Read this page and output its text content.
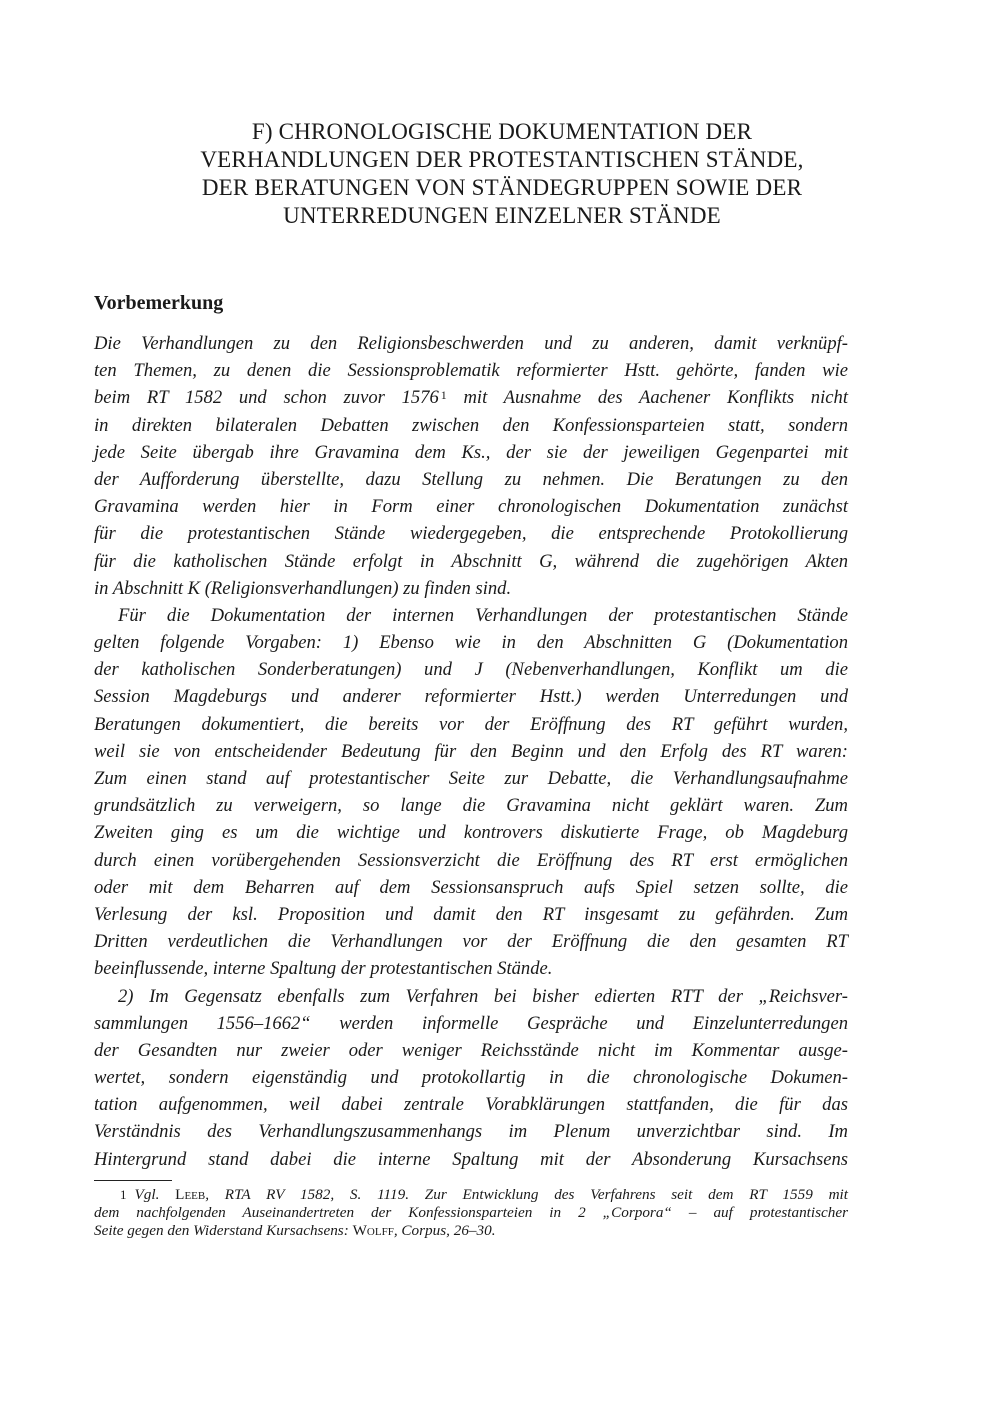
F) CHRONOLOGISCHE DOKUMENTATION DER
VERHANDLUNGEN DER PROTESTANTISCHEN STÄNDE,
DER BERATUNGEN VON STÄNDEGRUPPEN SOWIE DER
UNTERREDUNGEN EINZELNER STÄNDE
Vorbemerkung
Die Verhandlungen zu den Religionsbeschwerden und zu anderen, damit verknüpf-
ten Themen, zu denen die Sessionsproblematik reformierter Hstt. gehörte, fanden wie
beim RT 1582 und schon zuvor 1576 $^1$ mit Ausnahme des Aachener Konflikts nicht
in direkten bilateralen Debatten zwischen den Konfessionsparteien statt, sondern
jede Seite übergab ihre Gravamina dem Ks., der sie der jeweiligen Gegenpartei mit
der Aufforderung überstellte, dazu Stellung zu nehmen. Die Beratungen zu den
Gravamina werden hier in Form einer chronologischen Dokumentation zunächst
für die protestantischen Stände wiedergegeben, die entsprechende Protokollierung
für die katholischen Stände erfolgt in Abschnitt G, während die zugehörigen Akten
in Abschnitt K (Religionsverhandlungen) zu finden sind.
Für die Dokumentation der internen Verhandlungen der protestantischen Stände
gelten folgende Vorgaben: 1) Ebenso wie in den Abschnitten G (Dokumentation
der katholischen Sonderberatungen) und J (Nebenverhandlungen, Konflikt um die
Session Magdeburgs und anderer reformierter Hstt.) werden Unterredungen und
Beratungen dokumentiert, die bereits vor der Eröffnung des RT geführt wurden,
weil sie von entscheidender Bedeutung für den Beginn und den Erfolg des RT waren:
Zum einen stand auf protestantischer Seite zur Debatte, die Verhandlungsaufnahme
grundsätzlich zu verweigern, so lange die Gravamina nicht geklärt waren. Zum
Zweiten ging es um die wichtige und kontrovers diskutierte Frage, ob Magdeburg
durch einen vorübergehenden Sessionsverzicht die Eröffnung des RT erst ermöglichen
oder mit dem Beharren auf dem Sessionsanspruch aufs Spiel setzen sollte, die
Verlesung der ksl. Proposition und damit den RT insgesamt zu gefährden. Zum
Dritten verdeutlichen die Verhandlungen vor der Eröffnung die den gesamten RT
beeinflussende, interne Spaltung der protestantischen Stände.
2) Im Gegensatz ebenfalls zum Verfahren bei bisher edierten RTT der „Reichsver-
sammlungen 1556–1662“ werden informelle Gespräche und Einzelunterredungen
der Gesandten nur zweier oder weniger Reichsstände nicht im Kommentar ausge-
wertet, sondern eigenständig und protokollartig in die chronologische Dokumen-
tation aufgenommen, weil dabei zentrale Vorabklärungen stattfanden, die für das
Verständnis des Verhandlungszusammenhangs im Plenum unverzichtbar sind. Im
Hintergrund stand dabei die interne Spaltung mit der Absonderung Kursachsens
1 Vgl. Leeb, RTA RV 1582, S. 1119. Zur Entwicklung des Verfahrens seit dem RT 1559 mit
dem nachfolgenden Auseinandertreten der Konfessionsparteien in 2 „Corpora“ – auf protestantischer
Seite gegen den Widerstand Kursachsens: Wolff, Corpus, 26–30.
